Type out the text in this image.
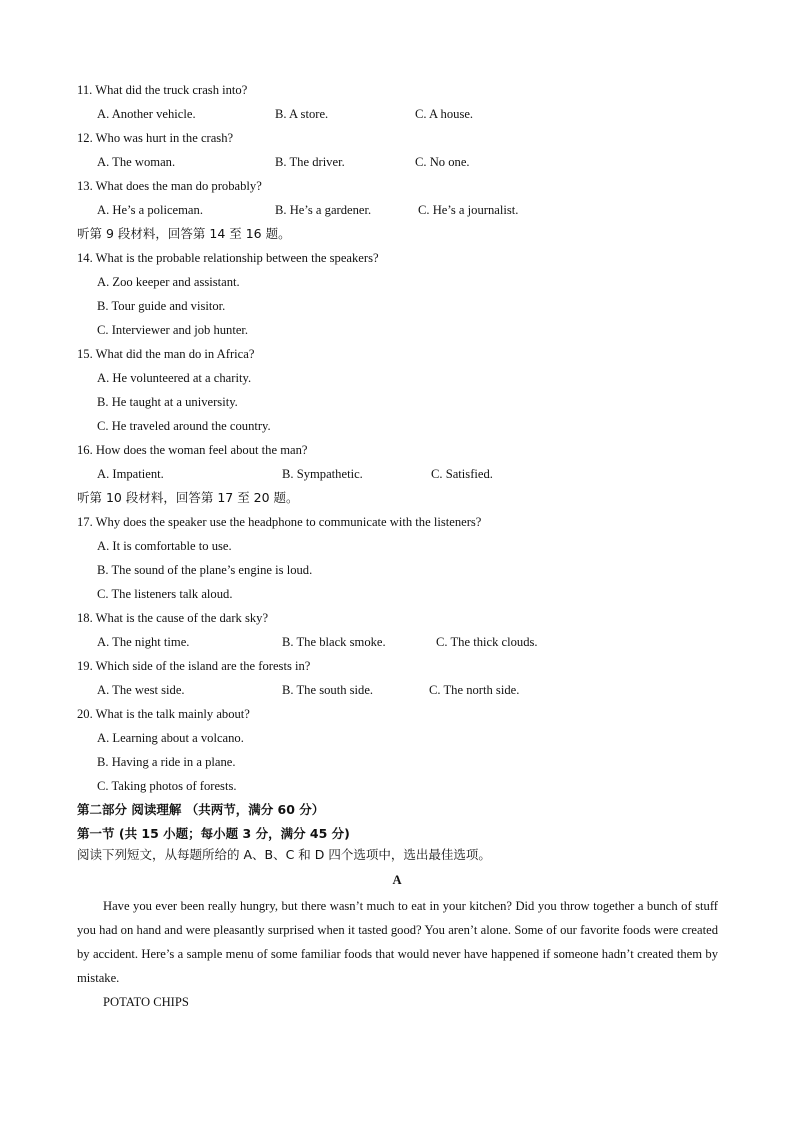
11. What did the truck crash into?
A. Another vehicle.	B. A store.	C. A house.
12. Who was hurt in the crash?
A. The woman.	B. The driver.	C. No one.
13. What does the man do probably?
A. He’s a policeman.	B. He’s a gardener.	C. He’s a journalist.
听第 9 段材料，回答第 14 至 16 题。
14. What is the probable relationship between the speakers?
A. Zoo keeper and assistant.
B. Tour guide and visitor.
C. Interviewer and job hunter.
15. What did the man do in Africa?
A. He volunteered at a charity.
B. He taught at a university.
C. He traveled around the country.
16. How does the woman feel about the man?
A. Impatient.	B. Sympathetic.	C. Satisfied.
听第 10 段材料，回答第 17 至 20 题。
17. Why does the speaker use the headphone to communicate with the listeners?
A. It is comfortable to use.
B. The sound of the plane’s engine is loud.
C. The listeners talk aloud.
18. What is the cause of the dark sky?
A. The night time.	B. The black smoke.	C. The thick clouds.
19. Which side of the island are the forests in?
A. The west side.	B. The south side.	C. The north side.
20. What is the talk mainly about?
A. Learning about a volcano.
B. Having a ride in a plane.
C. Taking photos of forests.
第二部分 阅读理解 （共两节，满分 60 分）
第一节 (共 15 小题；每小题 3 分，满分 45 分)
阅读下列短文，从每题所给的 A、B、C 和 D 四个选项中，选出最佳选项。
A
Have you ever been really hungry, but there wasn’t much to eat in your kitchen? Did you throw together a bunch of stuff you had on hand and were pleasantly surprised when it tasted good? You aren’t alone. Some of our favorite foods were created by accident. Here’s a sample menu of some familiar foods that would never have happened if someone hadn’t created them by mistake.
POTATO CHIPS
